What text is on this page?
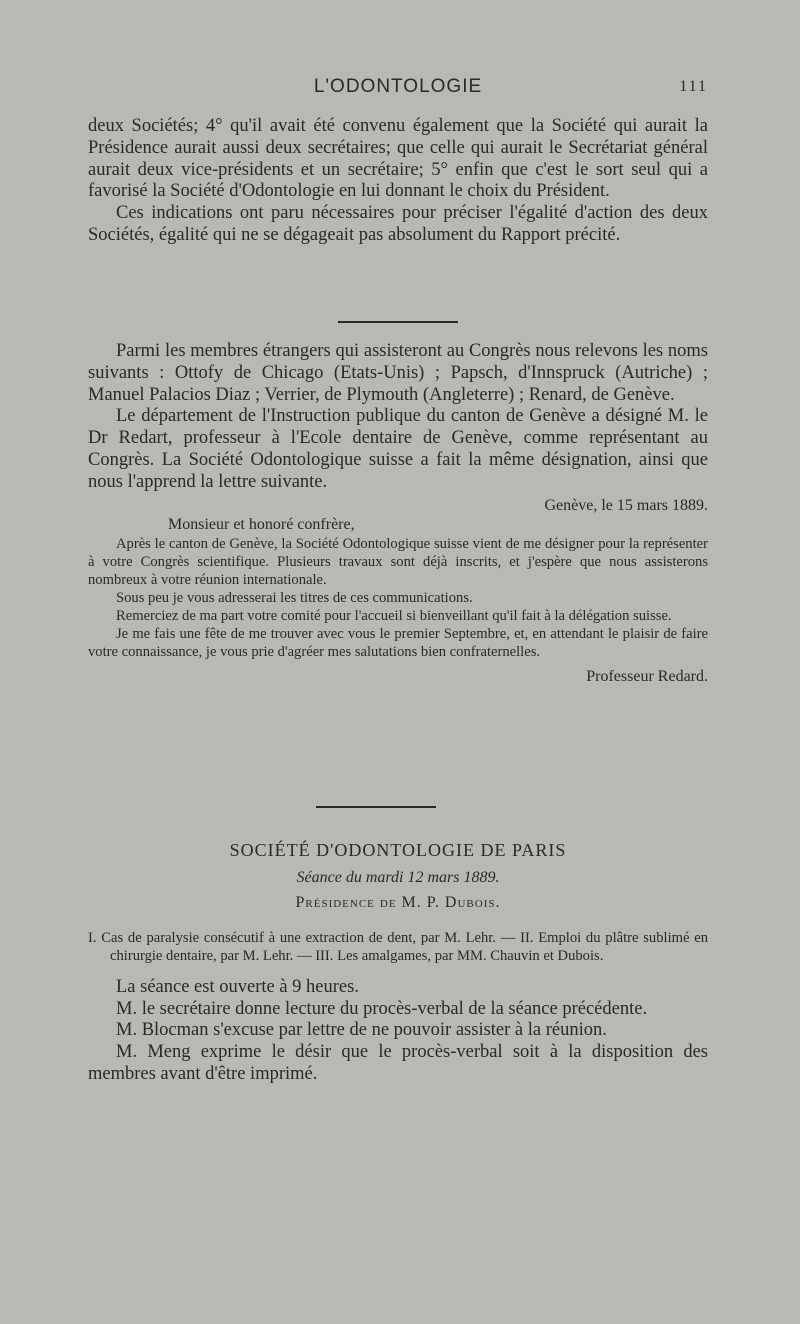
L'ODONTOLOGIE	111

deux Sociétés; 4° qu'il avait été convenu également que la Société qui aurait la Présidence aurait aussi deux secrétaires; que celle qui aurait le Secrétariat général aurait deux vice-présidents et un secrétaire; 5° enfin que c'est le sort seul qui a favorisé la Société d'Odontologie en lui donnant le choix du Président.

Ces indications ont paru nécessaires pour préciser l'égalité d'action des deux Sociétés, égalité qui ne se dégageait pas absolument du Rapport précité.

Parmi les membres étrangers qui assisteront au Congrès nous relevons les noms suivants : Ottofy de Chicago (Etats-Unis) ; Papsch, d'Innspruck (Autriche) ; Manuel Palacios Diaz ; Verrier, de Plymouth (Angleterre) ; Renard, de Genève.

Le département de l'Instruction publique du canton de Genève a désigné M. le Dr Redart, professeur à l'Ecole dentaire de Genève, comme représentant au Congrès. La Société Odontologique suisse a fait la même désignation, ainsi que nous l'apprend la lettre suivante.

Genève, le 15 mars 1889.

Monsieur et honoré confrère,

Après le canton de Genève, la Société Odontologique suisse vient de me désigner pour la représenter à votre Congrès scientifique. Plusieurs travaux sont déjà inscrits, et j'espère que nous assisterons nombreux à votre réunion internationale.

Sous peu je vous adresserai les titres de ces communications.

Remerciez de ma part votre comité pour l'accueil si bienveillant qu'il fait à la délégation suisse.

Je me fais une fête de me trouver avec vous le premier Septembre, et, en attendant le plaisir de faire votre connaissance, je vous prie d'agréer mes salutations bien confraternelles.

Professeur Redard.

SOCIÉTÉ D'ODONTOLOGIE DE PARIS

Séance du mardi 12 mars 1889.

Présidence de M. P. Dubois.

I. Cas de paralysie consécutif à une extraction de dent, par M. Lehr. — II. Emploi du plâtre sublimé en chirurgie dentaire, par M. Lehr. — III. Les amalgames, par MM. Chauvin et Dubois.

La séance est ouverte à 9 heures.

M. le secrétaire donne lecture du procès-verbal de la séance précédente.

M. Blocman s'excuse par lettre de ne pouvoir assister à la réunion.

M. Meng exprime le désir que le procès-verbal soit à la disposition des membres avant d'être imprimé.
